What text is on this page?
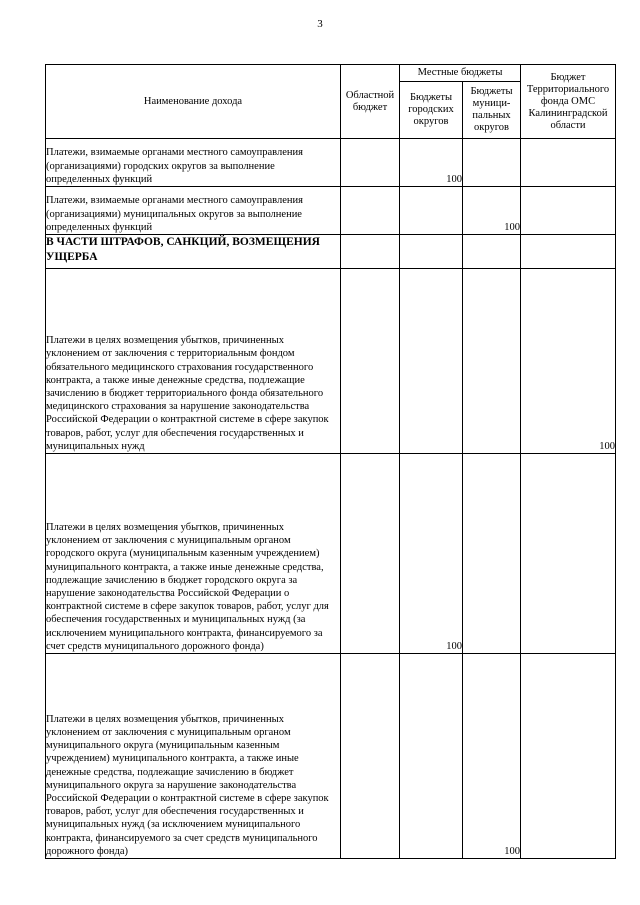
3
Наименование дохода	Областной бюджет	Местные бюджеты		Бюджет Территориального фонда ОМС Калининградской области
		Бюджеты городских округов	Бюджеты муници-пальных округов	
Платежи, взимаемые органами местного самоуправления (организациями) городских округов за выполнение определенных функций		100		
Платежи, взимаемые органами местного самоуправления (организациями) муниципальных округов за выполнение определенных функций			100	
В ЧАСТИ ШТРАФОВ, САНКЦИЙ, ВОЗМЕЩЕНИЯ УЩЕРБА				
Платежи в целях возмещения убытков, причиненных уклонением от заключения с территориальным фондом обязательного медицинского страхования государственного контракта, а также иные денежные средства, подлежащие зачислению в бюджет территориального фонда обязательного медицинского страхования за нарушение законодательства Российской Федерации о контрактной системе в сфере закупок товаров, работ, услуг для обеспечения государственных и муниципальных нужд				100
Платежи в целях возмещения убытков, причиненных уклонением от заключения с муниципальным органом городского округа (муниципальным казенным учреждением) муниципального контракта, а также иные денежные средства, подлежащие зачислению в бюджет городского округа за нарушение законодательства Российской Федерации о контрактной системе в сфере закупок товаров, работ, услуг для обеспечения государственных и муниципальных нужд (за исключением муниципального контракта, финансируемого за счет средств муниципального дорожного фонда)		100		
Платежи в целях возмещения убытков, причиненных уклонением от заключения с муниципальным органом муниципального округа (муниципальным казенным учреждением) муниципального контракта, а также иные денежные средства, подлежащие зачислению в бюджет муниципального округа за нарушение законодательства Российской Федерации о контрактной системе в сфере закупок товаров, работ, услуг для обеспечения государственных и муниципальных нужд (за исключением муниципального контракта, финансируемого за счет средств муниципального дорожного фонда)			100	
